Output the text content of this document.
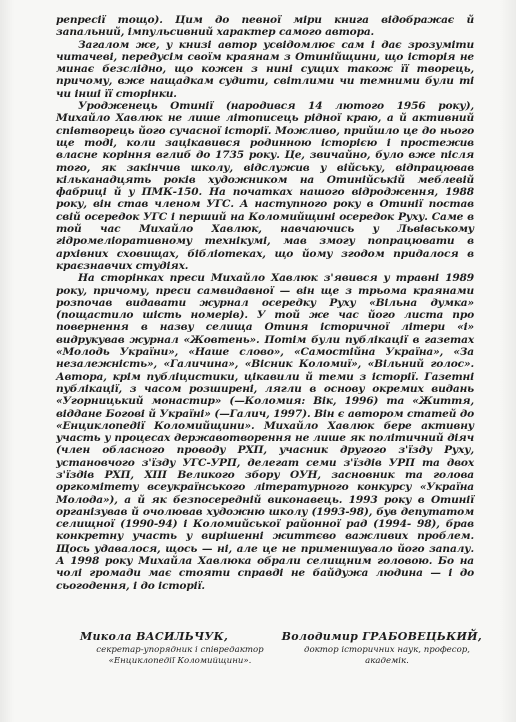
репресії тощо). Цим до певної міри книга відображає й запальний, імпульсивний характер самого автора.

Загалом же, у книзі автор усвідомлює сам і дає зрозуміти читачеві, передусім своїм краянам з Отинійщини, що історія не минає безслідно, що кожен з нині сущих також її творець, причому, вже нащадкам судити, світлими чи темними були ті чи інші її сторінки.

Уродженець Отинії (народився 14 лютого 1956 року), Михайло Хавлюк не лише літописець рідної краю, а й активний співтворець його сучасної історії. Можливо, прийшло це до нього ще тоді, коли зацікавився родинною історією і простежив власне коріння вглиб до 1735 року. Це, звичайно, було вже після того, як закінчив школу, відслужив у війську, відпрацював кільканадцять років художником на Отинійській меблевій фабриці й у ПМК-150. На початках нашого відродження, 1988 року, він став членом УГС. А наступного року в Отинії постав свій осередок УГС і перший на Коломийщині осередок Руху. Саме в той час Михайло Хавлюк, навчаючись у Львівському гідромеліоративному технікумі, мав змогу попрацювати в архівних сховищах, бібліотеках, що йому згодом придалося в краєзнавчих студіях.

На сторінках преси Михайло Хавлюк з'явився у травні 1989 року, причому, преси самвидавної — він ще з трьома краянами розпочав видавати журнал осередку Руху «Вільна думка» (пощастило шість номерів). У той же час його листа про повернення в назву селища Отиня історичної літери «і» видрукував журнал «Жовтень». Потім були публікації в газетах «Молодь України», «Наше слово», «Самостійна Україна», «За незалежність», «Галичина», «Вісник Коломиї», «Вільний голос». Автора, крім публіцистики, цікавили й теми з історії. Газетні публікації, з часом розширені, лягли в основу окремих видань «Угорницький монастир» (—Коломия: Вік, 1996) та «Життя, віддане Богові й Україні» (—Галич, 1997). Він є автором статей до «Енциклопедії Коломийщини». Михайло Хавлюк бере активну участь у процесах державотворення не лише як політичний діяч (член обласного проводу РХП, учасник другого з'їзду Руху, установчого з'їзду УГС-УРП, делегат семи з'їздів УРП та двох з'їздів РХП, XIII Великого збору ОУН, засновник та голова оргкомітету всеукраїнського літературного конкурсу «Україна Молода»), а й як безпосередній виконавець. 1993 року в Отинії організував й очолював художню школу (1993-98), був депутатом селищної (1990-94) і Коломийської районної рад (1994- 98), брав конкретну участь у вирішенні життєво важливих проблем. Щось удавалося, щось — ні, але це не применшувало його запалу. А 1998 року Михайла Хавлюка обрали селищним головою. Бо на чолі громади має стояти справді не байдужа людина — і до сьогодення, і до історії.

Микола ВАСИЛЬЧУК,	Володимир ГРАБОВЕЦЬКИЙ,
секретар-упорядник і співредактор «Енциклопедії Коломийщини».
доктор історичних наук, професор, академік.
